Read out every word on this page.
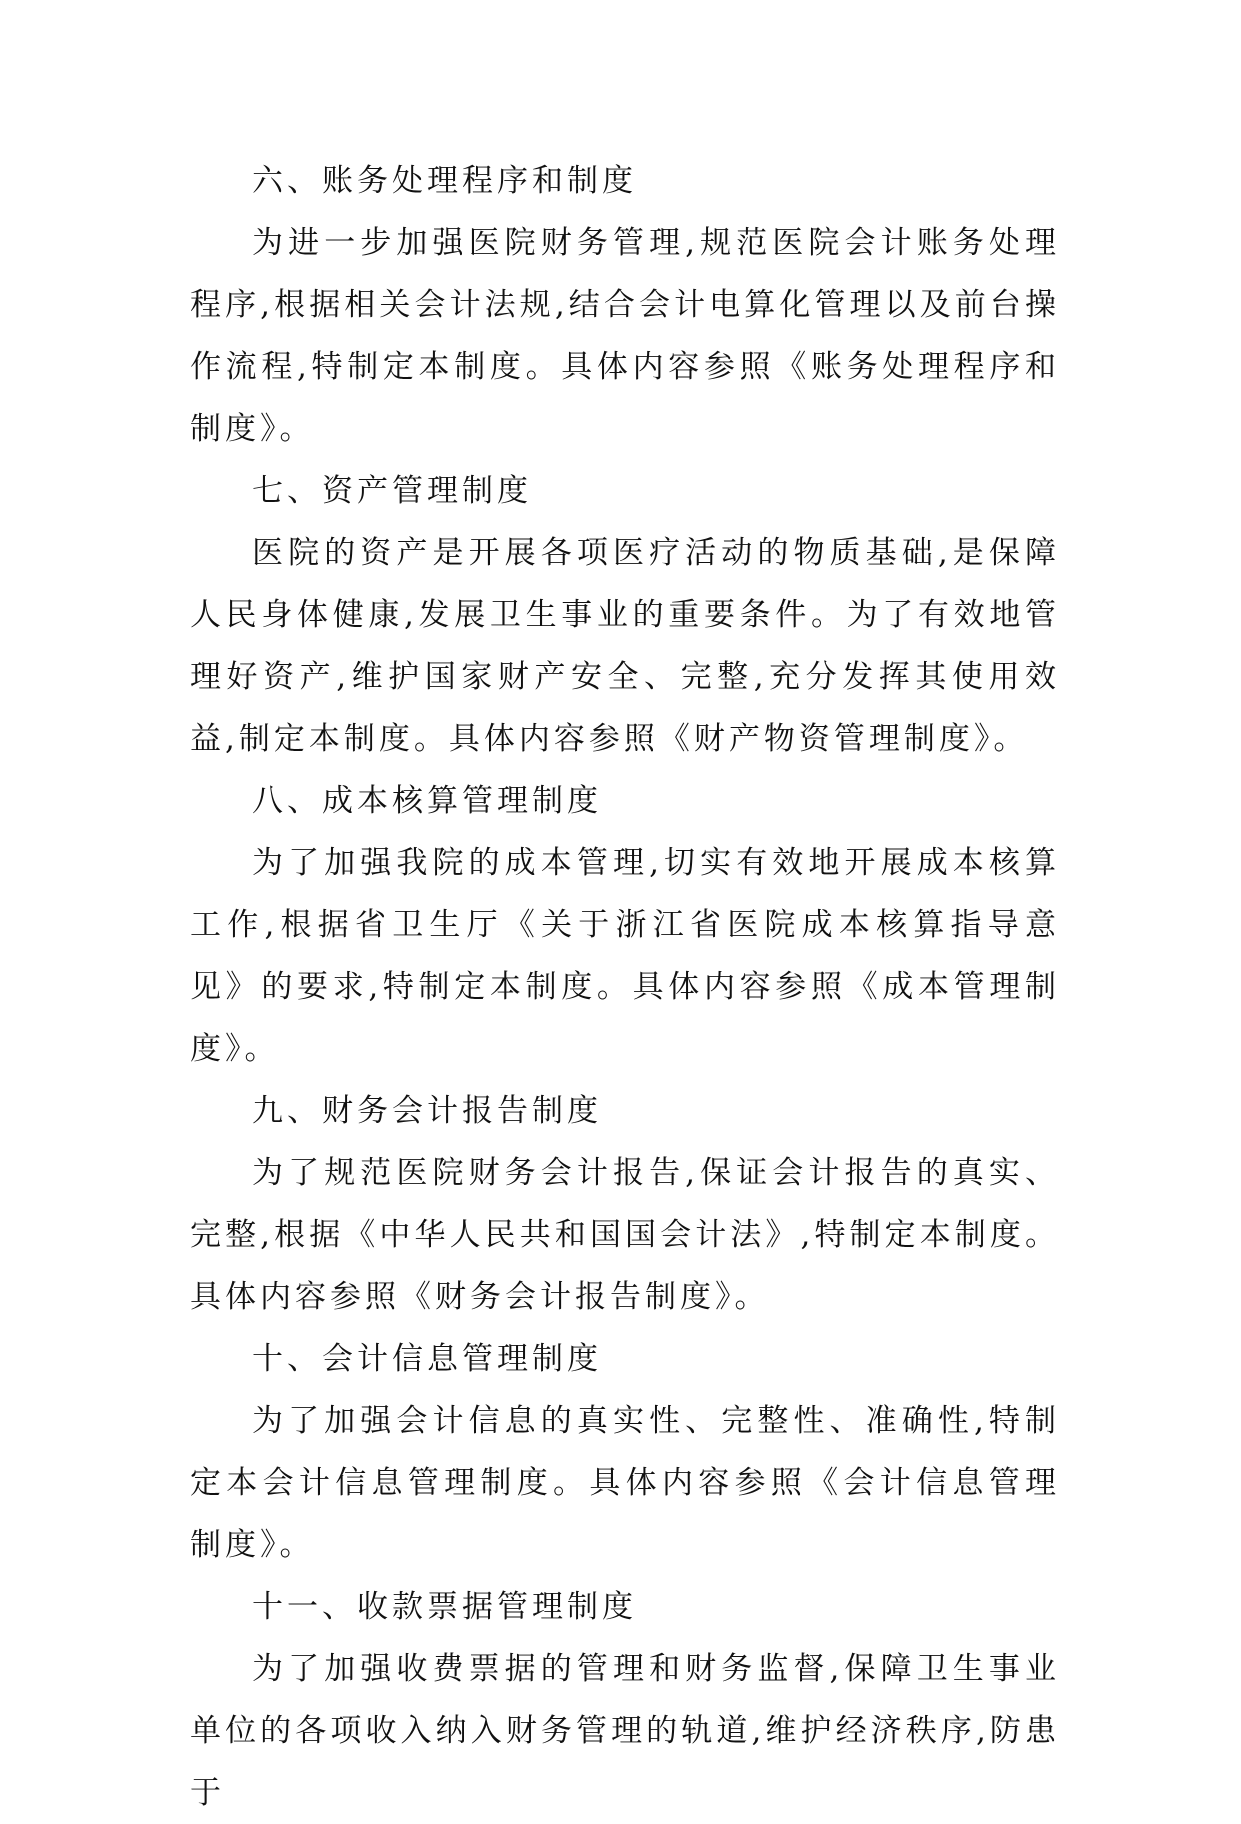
六、账务处理程序和制度

为进一步加强医院财务管理,规范医院会计账务处理程序,根据相关会计法规,结合会计电算化管理以及前台操作流程,特制定本制度。具体内容参照《账务处理程序和制度》。

七、资产管理制度

医院的资产是开展各项医疗活动的物质基础,是保障人民身体健康,发展卫生事业的重要条件。为了有效地管理好资产,维护国家财产安全、完整,充分发挥其使用效益,制定本制度。具体内容参照《财产物资管理制度》。

八、成本核算管理制度

为了加强我院的成本管理,切实有效地开展成本核算工作,根据省卫生厅《关于浙江省医院成本核算指导意见》的要求,特制定本制度。具体内容参照《成本管理制度》。

九、财务会计报告制度

为了规范医院财务会计报告,保证会计报告的真实、完整,根据《中华人民共和国国会计法》,特制定本制度。具体内容参照《财务会计报告制度》。

十、会计信息管理制度

为了加强会计信息的真实性、完整性、准确性,特制定本会计信息管理制度。具体内容参照《会计信息管理制度》。

十一、收款票据管理制度

为了加强收费票据的管理和财务监督,保障卫生事业单位的各项收入纳入财务管理的轨道,维护经济秩序,防患于
